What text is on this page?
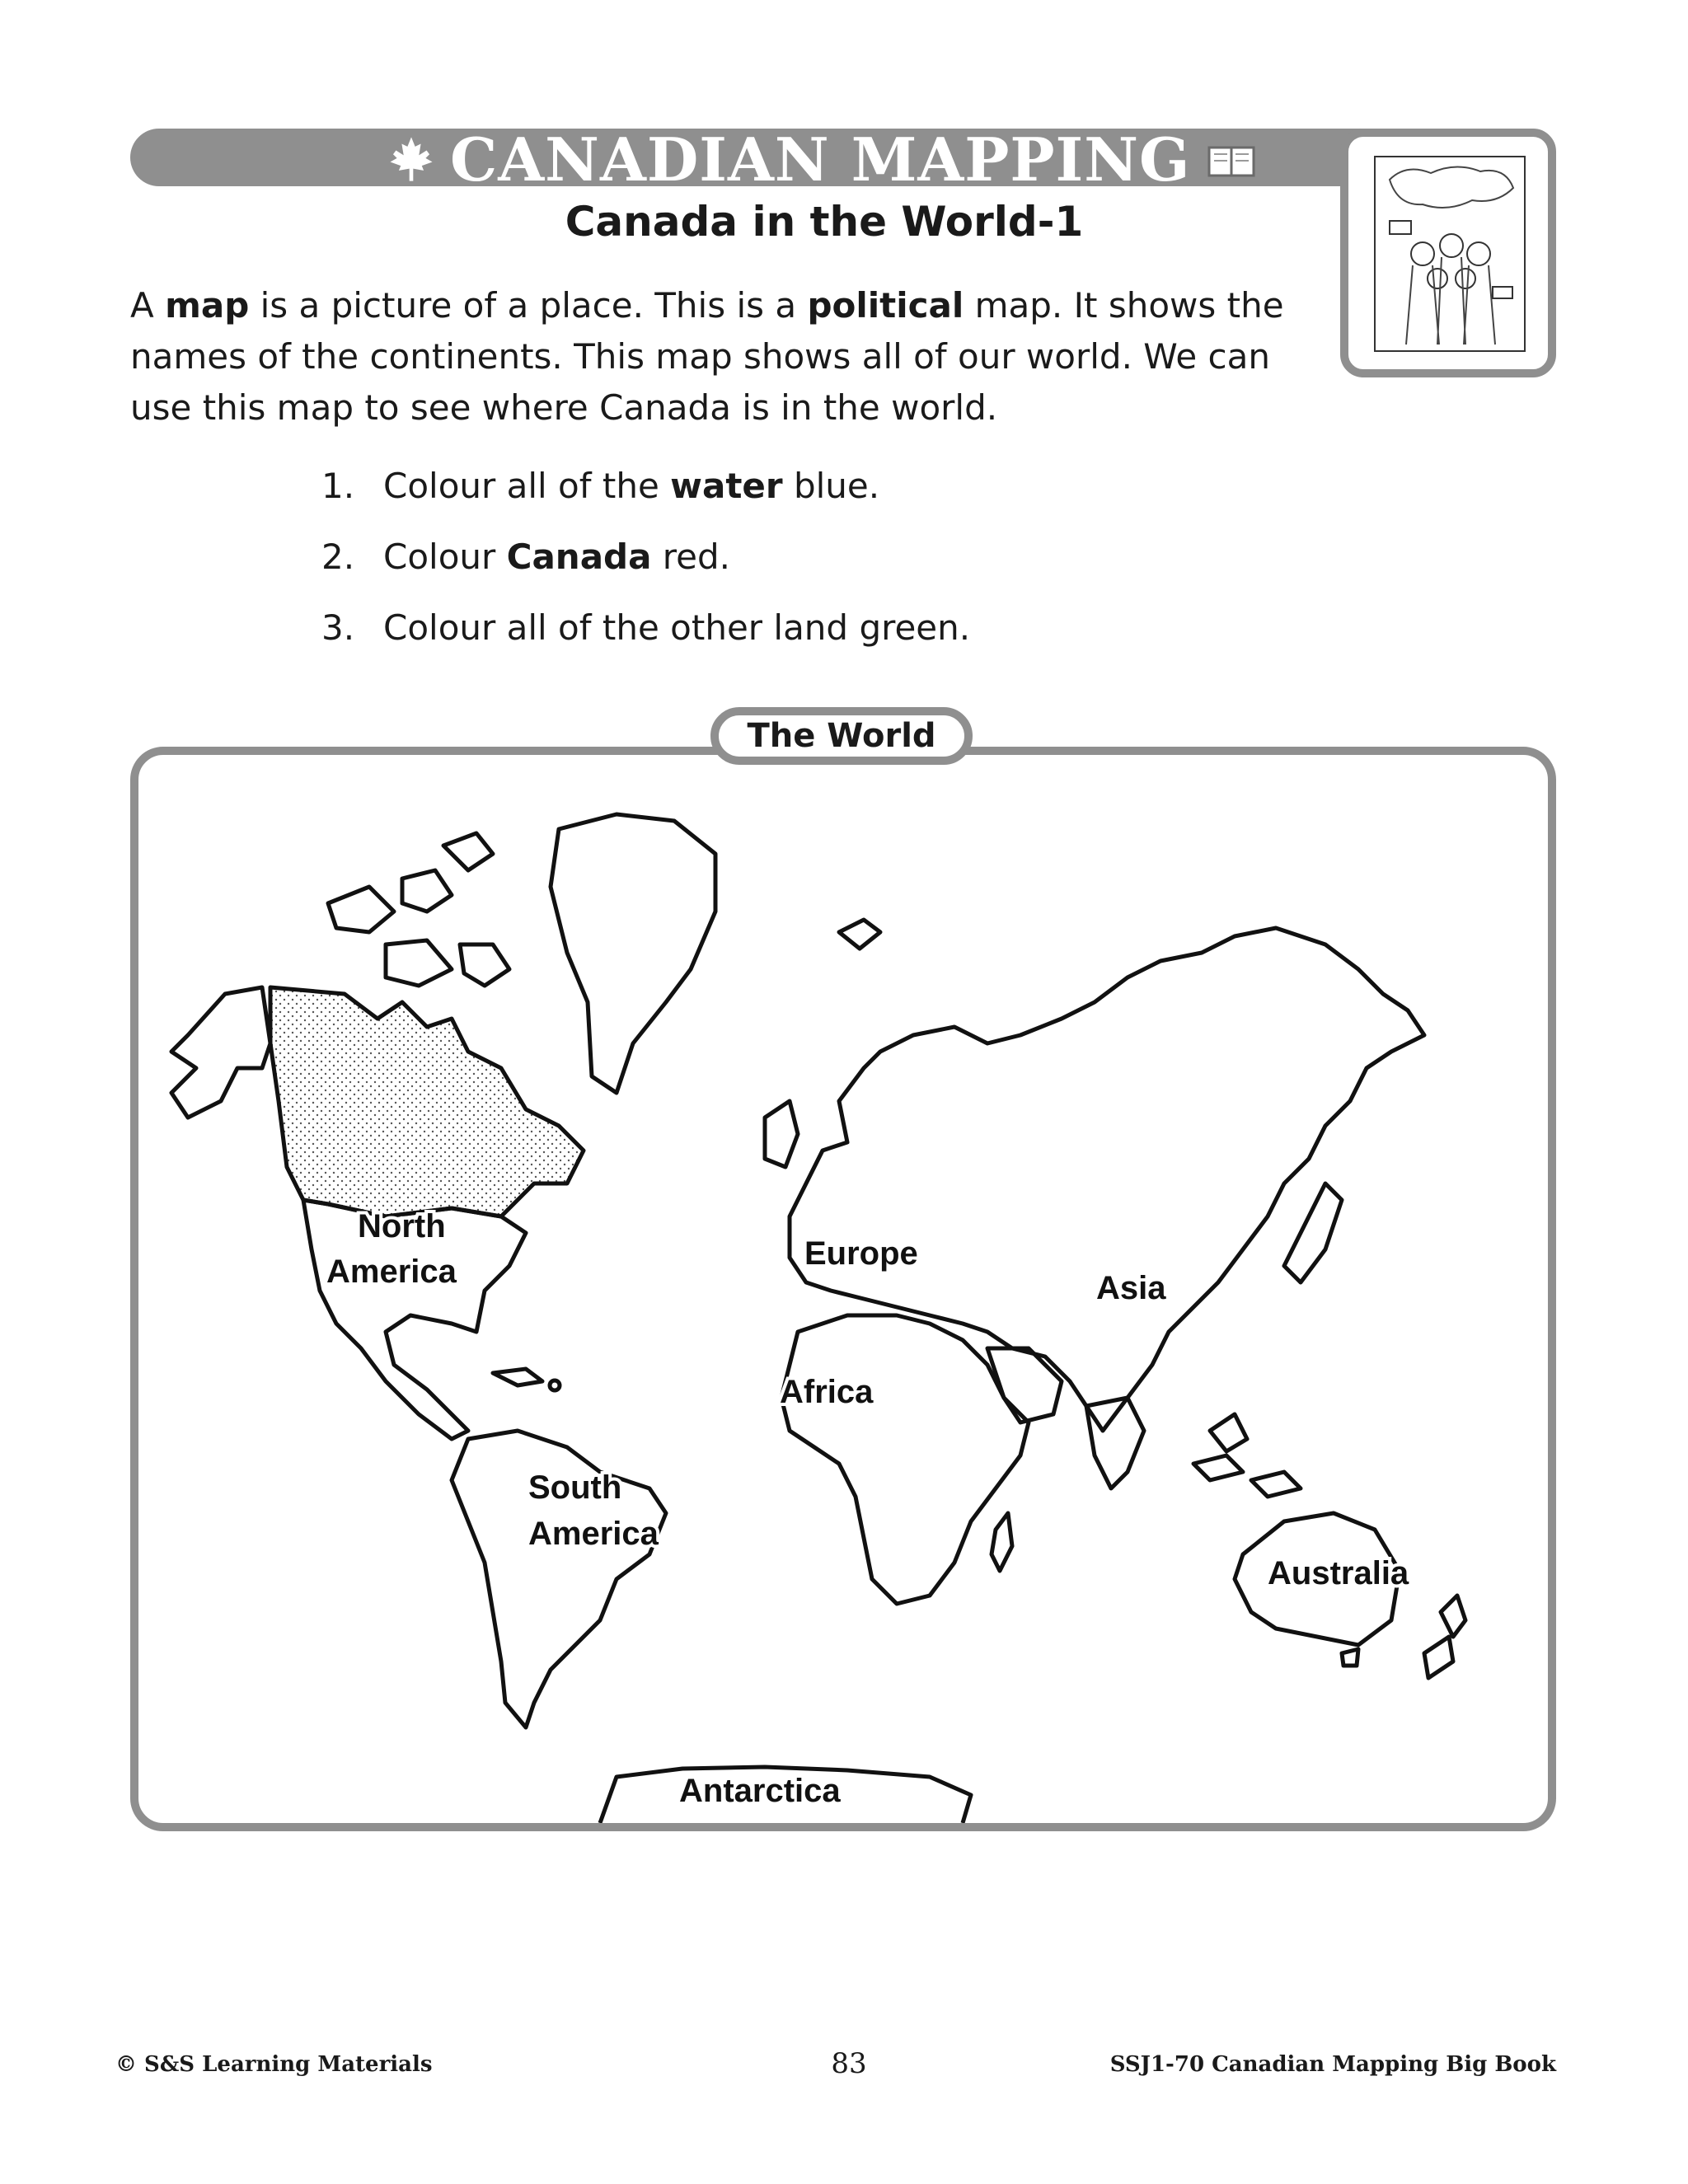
CANADIAN MAPPING
Canada in the World-1
A map is a picture of a place. This is a political map. It shows the names of the continents. This map shows all of our world. We can use this map to see where Canada is in the world.
1. Colour all of the water blue.
2. Colour Canada red.
3. Colour all of the other land green.
The World
North
America	Europe
Asia
Africa
South
America
Australia
Antarctica
© S&S Learning Materials	83	SSJ1-70 Canadian Mapping Big Book
